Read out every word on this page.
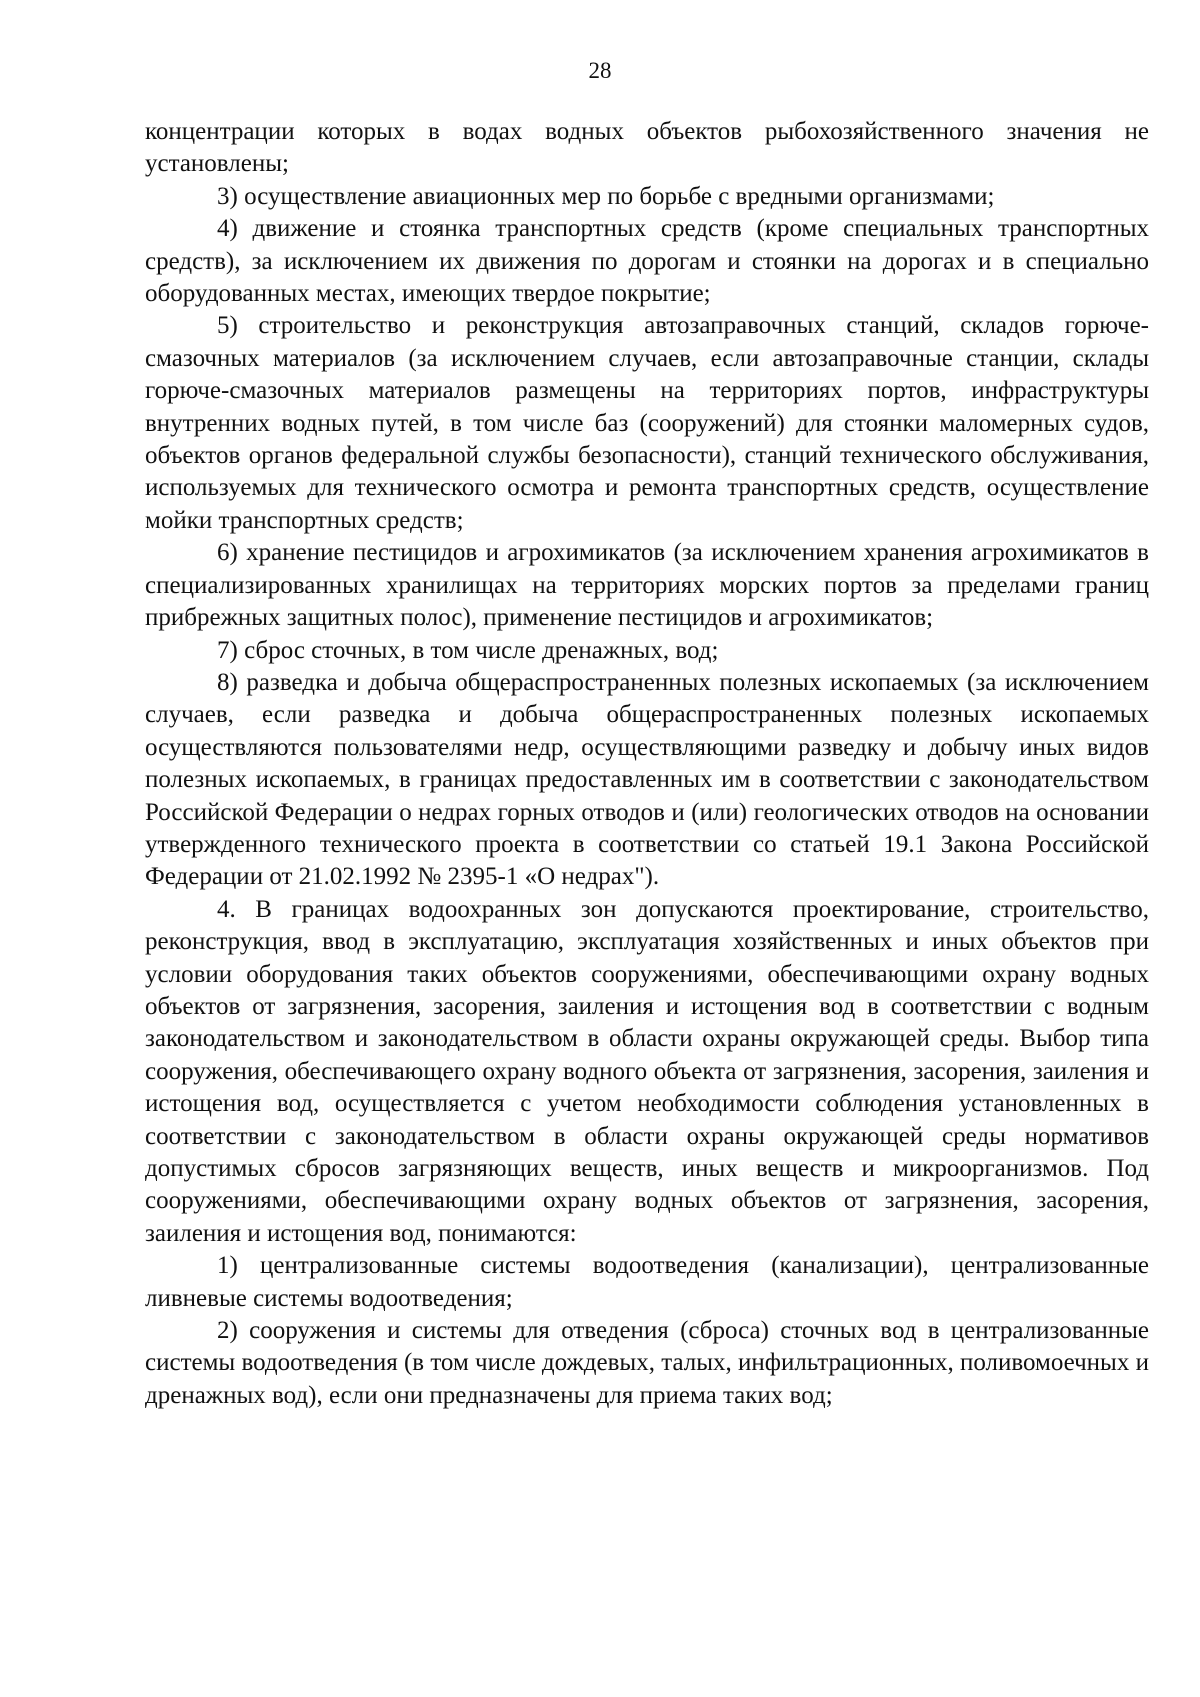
28

концентрации которых в водах водных объектов рыбохозяйственного значения не установлены;

3) осуществление авиационных мер по борьбе с вредными организмами;

4) движение и стоянка транспортных средств (кроме специальных транспортных средств), за исключением их движения по дорогам и стоянки на дорогах и в специально оборудованных местах, имеющих твердое покрытие;

5) строительство и реконструкция автозаправочных станций, складов горюче-смазочных материалов (за исключением случаев, если автозаправочные станции, склады горюче-смазочных материалов размещены на территориях портов, инфраструктуры внутренних водных путей, в том числе баз (сооружений) для стоянки маломерных судов, объектов органов федеральной службы безопасности), станций технического обслуживания, используемых для технического осмотра и ремонта транспортных средств, осуществление мойки транспортных средств;

6) хранение пестицидов и агрохимикатов (за исключением хранения агрохимикатов в специализированных хранилищах на территориях морских портов за пределами границ прибрежных защитных полос), применение пестицидов и агрохимикатов;

7) сброс сточных, в том числе дренажных, вод;

8) разведка и добыча общераспространенных полезных ископаемых (за исключением случаев, если разведка и добыча общераспространенных полезных ископаемых осуществляются пользователями недр, осуществляющими разведку и добычу иных видов полезных ископаемых, в границах предоставленных им в соответствии с законодательством Российской Федерации о недрах горных отводов и (или) геологических отводов на основании утвержденного технического проекта в соответствии со статьей 19.1 Закона Российской Федерации от 21.02.1992 № 2395-1 «О недрах").

4. В границах водоохранных зон допускаются проектирование, строительство, реконструкция, ввод в эксплуатацию, эксплуатация хозяйственных и иных объектов при условии оборудования таких объектов сооружениями, обеспечивающими охрану водных объектов от загрязнения, засорения, заиления и истощения вод в соответствии с водным законодательством и законодательством в области охраны окружающей среды. Выбор типа сооружения, обеспечивающего охрану водного объекта от загрязнения, засорения, заиления и истощения вод, осуществляется с учетом необходимости соблюдения установленных в соответствии с законодательством в области охраны окружающей среды нормативов допустимых сбросов загрязняющих веществ, иных веществ и микроорганизмов. Под сооружениями, обеспечивающими охрану водных объектов от загрязнения, засорения, заиления и истощения вод, понимаются:

1) централизованные системы водоотведения (канализации), централизованные ливневые системы водоотведения;

2) сооружения и системы для отведения (сброса) сточных вод в централизованные системы водоотведения (в том числе дождевых, талых, инфильтрационных, поливомоечных и дренажных вод), если они предназначены для приема таких вод;
